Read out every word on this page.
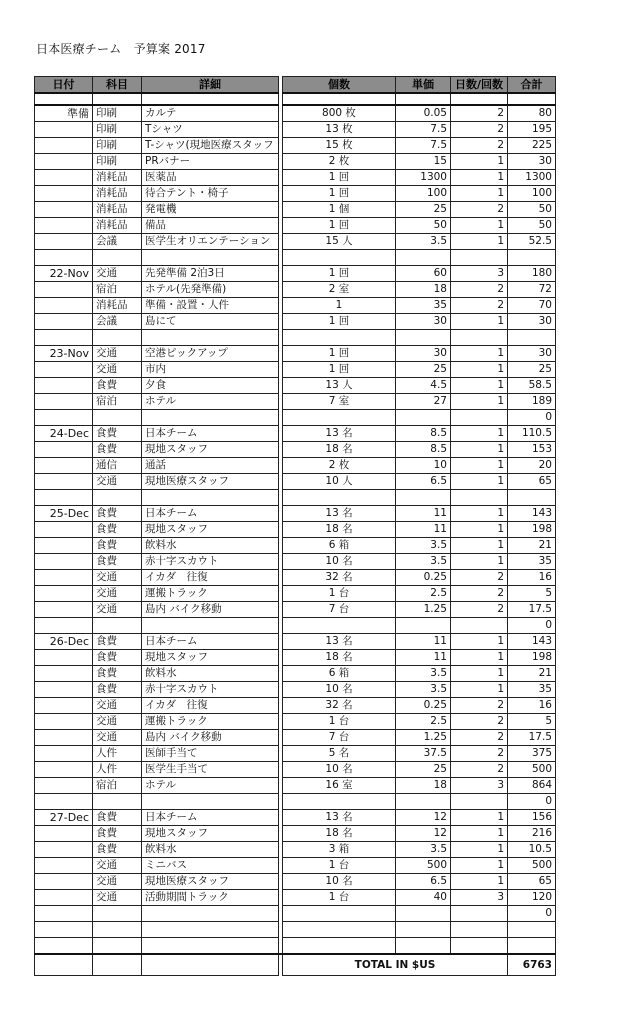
日本医療チーム　予算案 2017

日付	科目	詳細		個数	単価	日数/回数	合計
準備	印刷	カルテ		800 枚	0.05	2	80
	印刷	Tシャツ		13 枚	7.5	2	195
	印刷	T-シャツ(現地医療スタッフ		15 枚	7.5	2	225
	印刷	PRバナー		2 枚	15	1	30
	消耗品	医薬品		1 回	1300	1	1300
	消耗品	待合テント・椅子		1 回	100	1	100
	消耗品	発電機		1 個	25	2	50
	消耗品	備品		1 回	50	1	50
	会議	医学生オリエンテーション		15 人	3.5	1	52.5

22-Nov	交通	先発準備 2泊3日		1 回	60	3	180
	宿泊	ホテル(先発準備)		2 室	18	2	72
	消耗品	準備・設置・人件		1	35	2	70
	会議	島にて		1 回	30	1	30

23-Nov	交通	空港ピックアップ		1 回	30	1	30
	交通	市内		1 回	25	1	25
	食費	夕食		13 人	4.5	1	58.5
	宿泊	ホテル		7 室	27	1	189
							0
24-Dec	食費	日本チーム		13 名	8.5	1	110.5
	食費	現地スタッフ		18 名	8.5	1	153
	通信	通話		2 枚	10	1	20
	交通	現地医療スタッフ		10 人	6.5	1	65

25-Dec	食費	日本チーム		13 名	11	1	143
	食費	現地スタッフ		18 名	11	1	198
	食費	飲料水		6 箱	3.5	1	21
	食費	赤十字スカウト		10 名	3.5	1	35
	交通	イカダ　往復		32 名	0.25	2	16
	交通	運搬トラック		1 台	2.5	2	5
	交通	島内 バイク移動		7 台	1.25	2	17.5
							0
26-Dec	食費	日本チーム		13 名	11	1	143
	食費	現地スタッフ		18 名	11	1	198
	食費	飲料水		6 箱	3.5	1	21
	食費	赤十字スカウト		10 名	3.5	1	35
	交通	イカダ　往復		32 名	0.25	2	16
	交通	運搬トラック		1 台	2.5	2	5
	交通	島内 バイク移動		7 台	1.25	2	17.5
	人件	医師手当て		5 名	37.5	2	375
	人件	医学生手当て		10 名	25	2	500
	宿泊	ホテル		16 室	18	3	864
							0
27-Dec	食費	日本チーム		13 名	12	1	156
	食費	現地スタッフ		18 名	12	1	216
	食費	飲料水		3 箱	3.5	1	10.5
	交通	ミニバス		1 台	500	1	500
	交通	現地医療スタッフ		10 名	6.5	1	65
	交通	活動期間トラック		1 台	40	3	120
							0

				TOTAL IN $US			6763
